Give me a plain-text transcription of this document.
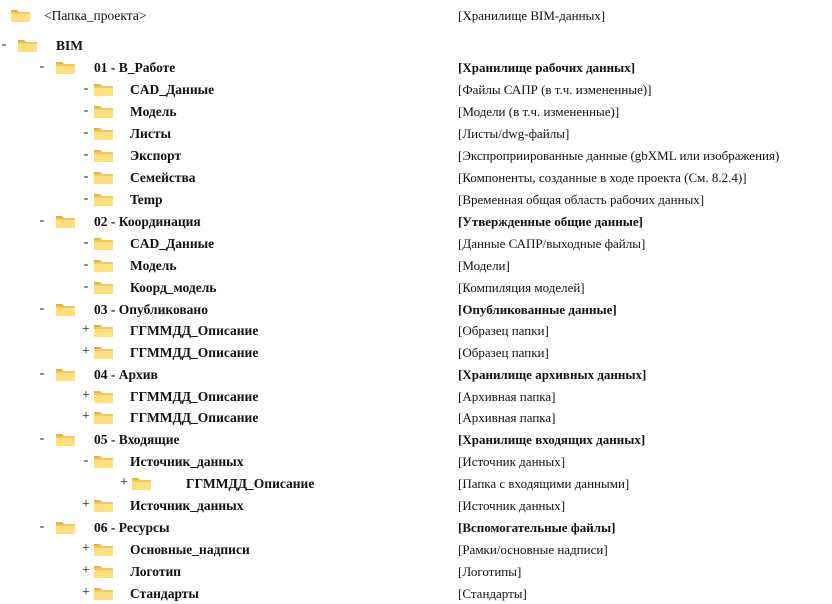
<Папка_проекта>	[Хранилище BIM-данных]
-	BIM
-	01 - В_Работе	[Хранилище рабочих данных]
-	CAD_Данные	[Файлы САПР (в т.ч. измененные)]
-	Модель	[Модели (в т.ч. измененные)]
-	Листы	[Листы/dwg-файлы]
-	Экспорт	[Экспроприированные данные (gbXML или изображения)
-	Семейства	[Компоненты, созданные в ходе проекта (См. 8.2.4)]
-	Temp	[Временная общая область рабочих данных]
-	02 - Координация	[Утвержденные общие данные]
-	CAD_Данные	[Данные САПР/выходные файлы]
-	Модель	[Модели]
-	Коорд_модель	[Компиляция моделей]
-	03 - Опубликовано	[Опубликованные данные]
+	ГГММДД_Описание	[Образец папки]
+	ГГММДД_Описание	[Образец папки]
-	04 - Архив	[Хранилище архивных данных]
+	ГГММДД_Описание	[Архивная папка]
+	ГГММДД_Описание	[Архивная папка]
-	05 - Входящие	[Хранилище входящих данных]
-	Источник_данных	[Источник данных]
+	ГГММДД_Описание	[Папка с входящими данными]
+	Источник_данных	[Источник данных]
-	06 - Ресурсы	[Вспомогательные файлы]
+	Основные_надписи	[Рамки/основные надписи]
+	Логотип	[Логотипы]
+	Стандарты	[Стандарты]
